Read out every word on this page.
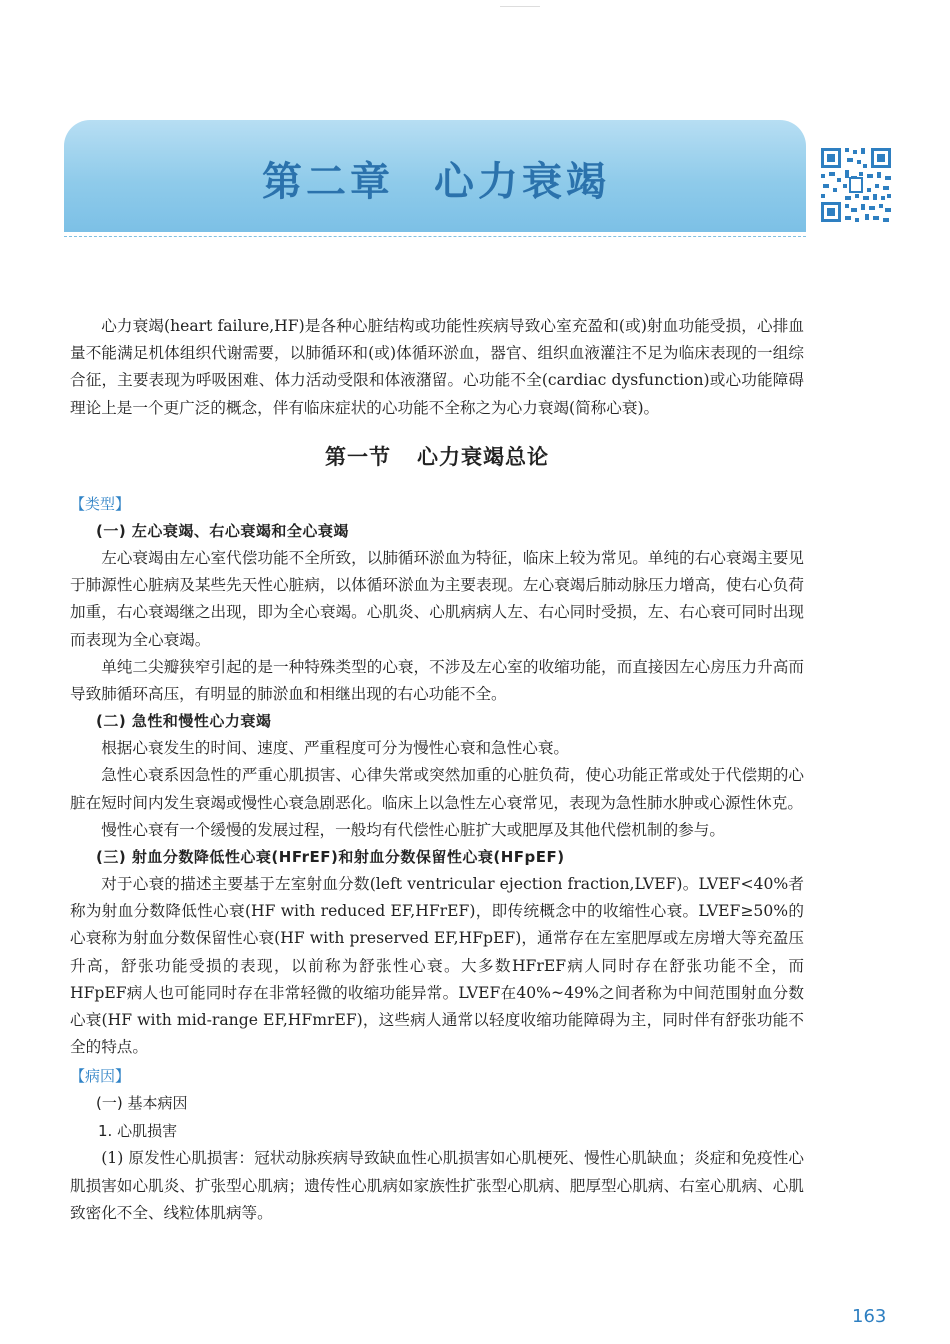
第二章 心力衰竭

心力衰竭(heart failure,HF)是各种心脏结构或功能性疾病导致心室充盈和(或)射血功能受损，心排血量不能满足机体组织代谢需要，以肺循环和(或)体循环淤血，器官、组织血液灌注不足为临床表现的一组综合征，主要表现为呼吸困难、体力活动受限和体液潴留。心功能不全(cardiac dysfunction)或心功能障碍理论上是一个更广泛的概念，伴有临床症状的心功能不全称之为心力衰竭(简称心衰)。

第一节 心力衰竭总论
【类型】
(一) 左心衰竭、右心衰竭和全心衰竭

左心衰竭由左心室代偿功能不全所致，以肺循环淤血为特征，临床上较为常见。单纯的右心衰竭主要见于肺源性心脏病及某些先天性心脏病，以体循环淤血为主要表现。左心衰竭后肺动脉压力增高，使右心负荷加重，右心衰竭继之出现，即为全心衰竭。心肌炎、心肌病病人左、右心同时受损，左、右心衰可同时出现而表现为全心衰竭。

单纯二尖瓣狭窄引起的是一种特殊类型的心衰，不涉及左心室的收缩功能，而直接因左心房压力升高而导致肺循环高压，有明显的肺淤血和相继出现的右心功能不全。

(二) 急性和慢性心力衰竭

根据心衰发生的时间、速度、严重程度可分为慢性心衰和急性心衰。

急性心衰系因急性的严重心肌损害、心律失常或突然加重的心脏负荷，使心功能正常或处于代偿期的心脏在短时间内发生衰竭或慢性心衰急剧恶化。临床上以急性左心衰常见，表现为急性肺水肿或心源性休克。

慢性心衰有一个缓慢的发展过程，一般均有代偿性心脏扩大或肥厚及其他代偿机制的参与。

(三) 射血分数降低性心衰(HFrEF)和射血分数保留性心衰(HFpEF)

对于心衰的描述主要基于左室射血分数(left ventricular ejection fraction,LVEF)。LVEF<40%者称为射血分数降低性心衰(HF with reduced EF,HFrEF)，即传统概念中的收缩性心衰。LVEF≥50%的心衰称为射血分数保留性心衰(HF with preserved EF,HFpEF)，通常存在左室肥厚或左房增大等充盈压升高，舒张功能受损的表现，以前称为舒张性心衰。大多数HFrEF病人同时存在舒张功能不全，而HFpEF病人也可能同时存在非常轻微的收缩功能异常。LVEF在40%~49%之间者称为中间范围射血分数心衰(HF with mid-range EF,HFmrEF)，这些病人通常以轻度收缩功能障碍为主，同时伴有舒张功能不全的特点。

【病因】
(一) 基本病因
1. 心肌损害

(1) 原发性心肌损害：冠状动脉疾病导致缺血性心肌损害如心肌梗死、慢性心肌缺血；炎症和免疫性心肌损害如心肌炎、扩张型心肌病；遗传性心肌病如家族性扩张型心肌病、肥厚型心肌病、右室心肌病、心肌致密化不全、线粒体肌病等。

163
